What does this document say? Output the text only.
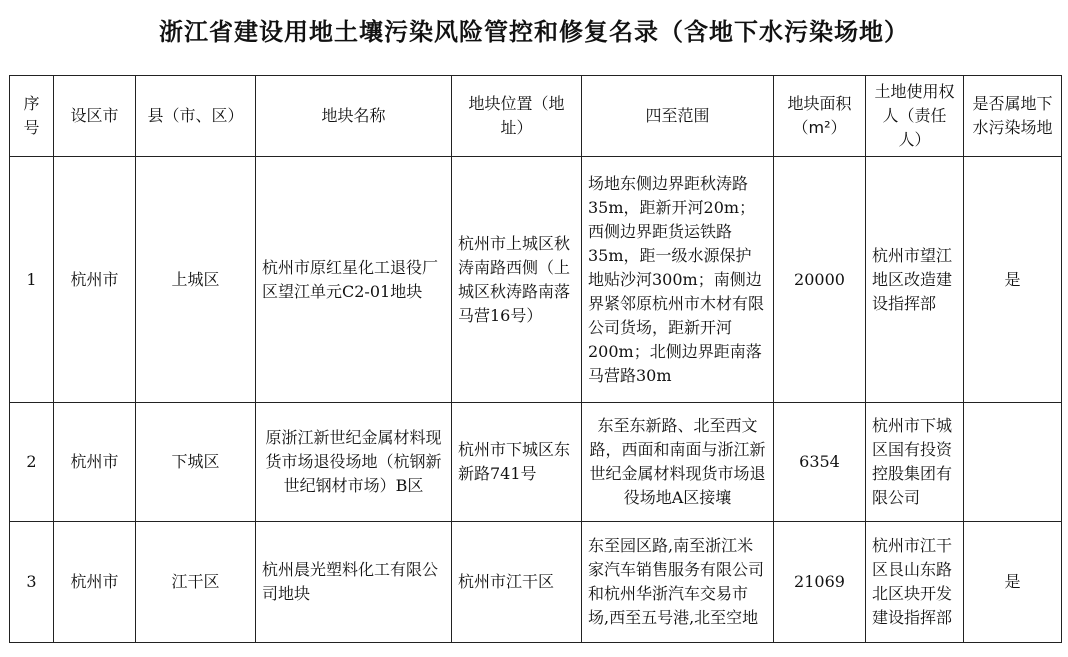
浙江省建设用地土壤污染风险管控和修复名录（含地下水污染场地）
序号	设区市	县（市、区）	地块名称	地块位置（地址）	四至范围	地块面积（m²）	土地使用权人（责任人）	是否属地下水污染场地
1	杭州市	上城区	杭州市原红星化工退役厂区望江单元C2-01地块	杭州市上城区秋涛南路西侧（上城区秋涛路南落马营16号）	场地东侧边界距秋涛路35m，距新开河20m；西侧边界距货运铁路35m，距一级水源保护地贴沙河300m；南侧边界紧邻原杭州市木材有限公司货场，距新开河200m；北侧边界距南落马营路30m	20000	杭州市望江地区改造建设指挥部	是
2	杭州市	下城区	原浙江新世纪金属材料现货市场退役场地（杭钢新世纪钢材市场）B区	杭州市下城区东新路741号	东至东新路、北至西文路，西面和南面与浙江新世纪金属材料现货市场退役场地A区接壤	6354	杭州市下城区国有投资控股集团有限公司	
3	杭州市	江干区	杭州晨光塑料化工有限公司地块	杭州市江干区	东至园区路,南至浙江米家汽车销售服务有限公司和杭州华浙汽车交易市场,西至五号港,北至空地	21069	杭州市江干区艮山东路北区块开发建设指挥部	是
